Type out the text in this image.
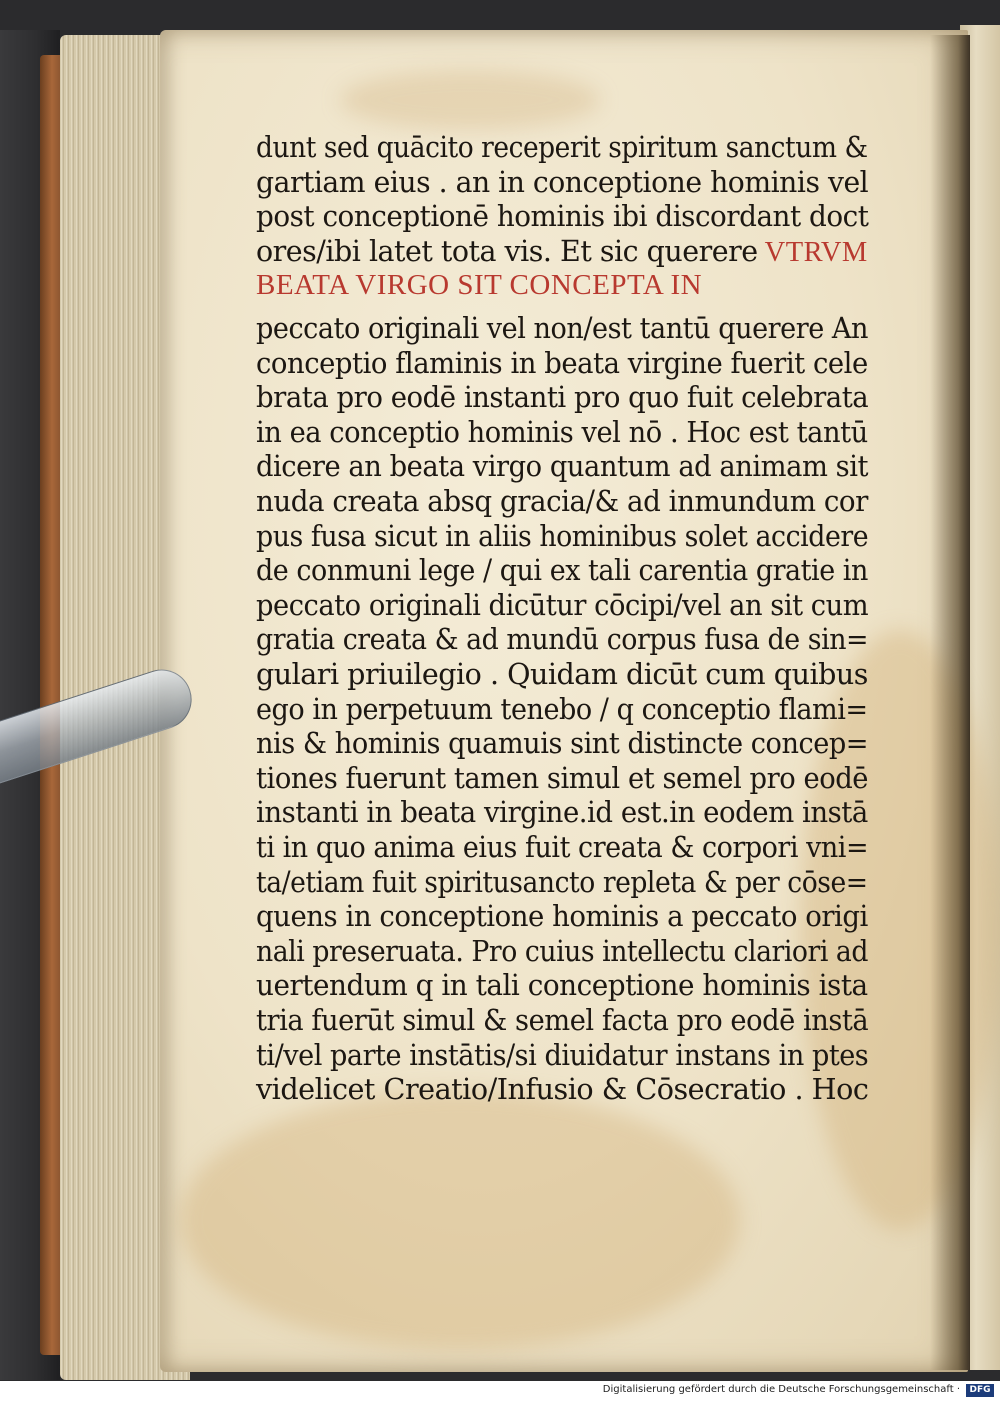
dunt sed quācito receperit spiritum sanctum &
gartiam eius . an in conceptione hominis vel
post conceptionē hominis ibi discordant doct
ores/ibi latet tota vis. Et sic querere VTRVM
BEATA VIRGO SIT CONCEPTA IN
peccato originali vel non/est tantū querere An
conceptio flaminis in beata virgine fuerit cele
brata pro eodē instanti pro quo fuit celebrata
in ea conceptio hominis vel nō . Hoc est tantū
dicere an beata virgo quantum ad animam sit
nuda creata absq gracia/& ad inmundum cor
pus fusa sicut in aliis hominibus solet accidere
de conmuni lege / qui ex tali carentia gratie in
peccato originali dicūtur cōcipi/vel an sit cum
gratia creata & ad mundū corpus fusa de sin=
gulari priuilegio . Quidam dicūt cum quibus
ego in perpetuum tenebo / q conceptio flami=
nis & hominis quamuis sint distincte concep=
tiones fuerunt tamen simul et semel pro eodē
instanti in beata virgine.id est.in eodem instā
ti in quo anima eius fuit creata & corpori vni=
ta/etiam fuit spiritusancto repleta & per cōse=
quens in conceptione hominis a peccato origi
nali preseruata. Pro cuius intellectu clariori ad
uertendum q in tali conceptione hominis ista
tria fuerūt simul & semel facta pro eodē instā
ti/vel parte instātis/si diuidatur instans in ptes
videlicet Creatio/Infusio & Cōsecratio . Hoc
Digitalisierung gefördert durch die Deutsche Forschungsgemeinschaft ·	DFG
